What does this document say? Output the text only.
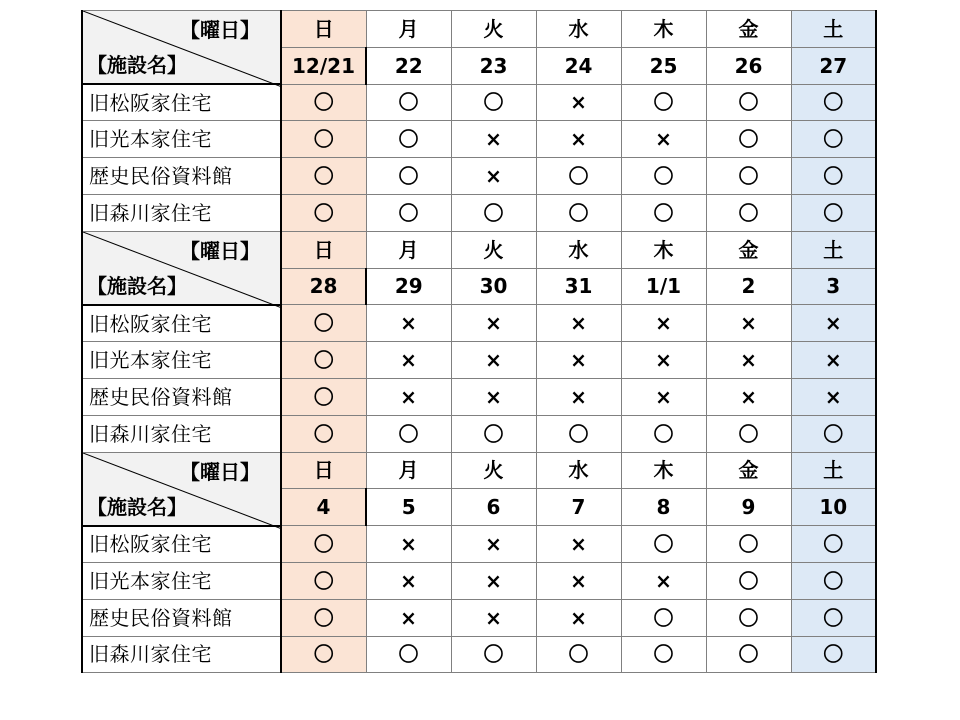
【曜日】
【施設名】	日	月	火	水	木	金	土
	12/21	22	23	24	25	26	27
旧松阪家住宅	〇	〇	〇	×	〇	〇	〇
旧光本家住宅	〇	〇	×	×	×	〇	〇
歴史民俗資料館	〇	〇	×	〇	〇	〇	〇
旧森川家住宅	〇	〇	〇	〇	〇	〇	〇

【曜日】
【施設名】	日	月	火	水	木	金	土
	28	29	30	31	1/1	2	3
旧松阪家住宅	〇	×	×	×	×	×	×
旧光本家住宅	〇	×	×	×	×	×	×
歴史民俗資料館	〇	×	×	×	×	×	×
旧森川家住宅	〇	〇	〇	〇	〇	〇	〇

【曜日】
【施設名】	日	月	火	水	木	金	土
	4	5	6	7	8	9	10
旧松阪家住宅	〇	×	×	×	〇	〇	〇
旧光本家住宅	〇	×	×	×	×	〇	〇
歴史民俗資料館	〇	×	×	×	〇	〇	〇
旧森川家住宅	〇	〇	〇	〇	〇	〇	〇
